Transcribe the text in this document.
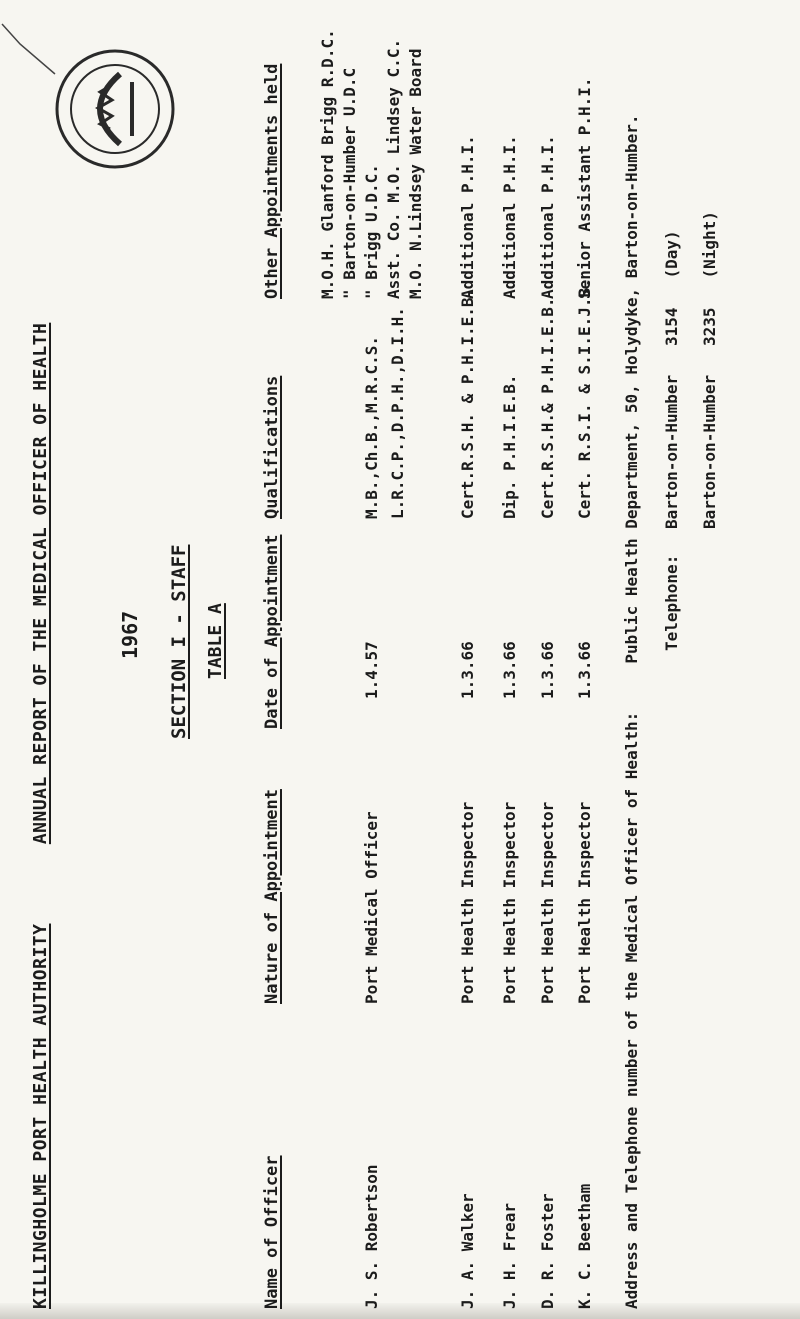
KILLINGHOLME PORT HEALTH AUTHORITY       ANNUAL REPORT OF THE MEDICAL OFFICER OF HEALTH	1967 SECTION I - STAFF TABLE A
Name of Officer
Nature of Appointment
Date of Appointment
Qualifications
Other Appointments held
J. S. Robertson
Port Medical Officer
1.4.57
M.B.,Ch.B.,M.R.C.S. L.R.C.P.,D.P.H.,D.I.H.
M.O.H. Glanford Brigg R.D.C. " Barton-on-Humber U.D.C " Brigg U.D.C. Asst. Co. M.O. Lindsey C.C. M.O. N.Lindsey Water Board
J. A. Walker
Port Health Inspector
1.3.66
Cert.R.S.H. & P.H.I.E.B.
Additional P.H.I.
J. H. Frear
Port Health Inspector
1.3.66
Dip. P.H.I.E.B.
Additional P.H.I.
D. R. Foster
Port Health Inspector
1.3.66
Cert.R.S.H.& P.H.I.E.B.
Additional P.H.I.
K. C. Beetham
Port Health Inspector
1.3.66
Cert. R.S.I. & S.I.E.J.B.
Senior Assistant P.H.I.
Address and Telephone number of the Medical Officer of Health:     Public Health Department, 50, Holydyke, Barton-on-Humber. Telephone:
Barton-on-Humber   3154   (Day)
Barton-on-Humber   3235   (Night)
